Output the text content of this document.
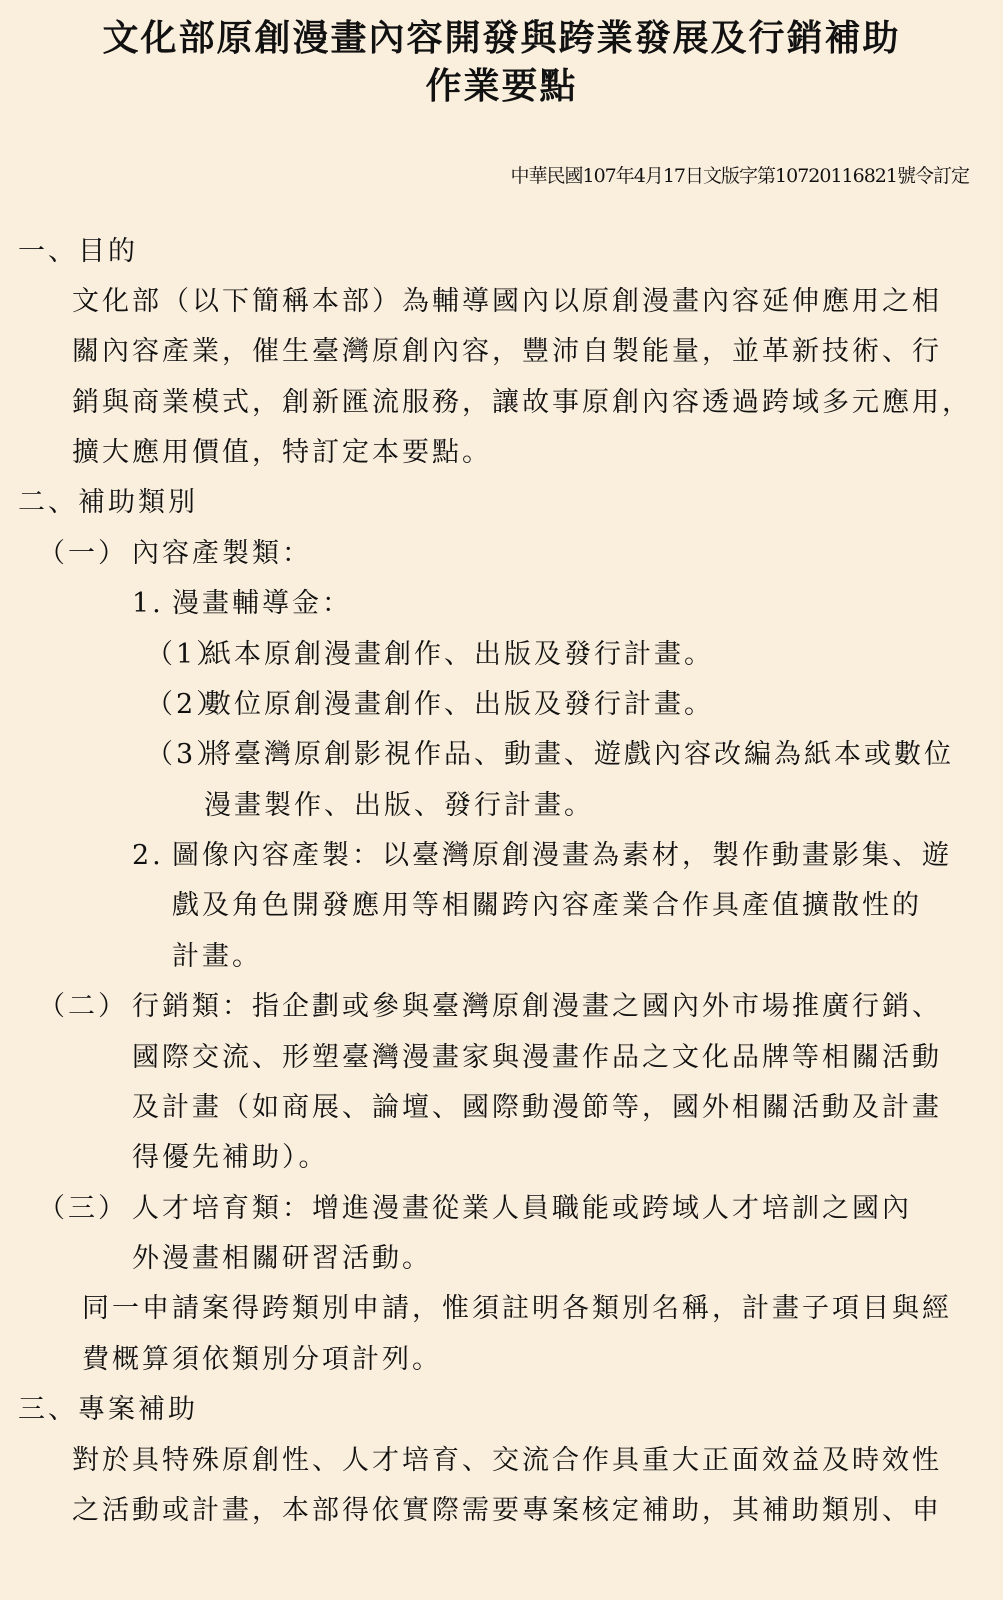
文化部原創漫畫內容開發與跨業發展及行銷補助
作業要點
中華民國107年4月17日文版字第10720116821號令訂定
一、目的
文化部（以下簡稱本部）為輔導國內以原創漫畫內容延伸應用之相
關內容產業，催生臺灣原創內容，豐沛自製能量，並革新技術、行
銷與商業模式，創新匯流服務，讓故事原創內容透過跨域多元應用，
擴大應用價值，特訂定本要點。
二、補助類別
（一） 內容產製類：
1. 漫畫輔導金：
（1）
紙本原創漫畫創作、出版及發行計畫。
（2）
數位原創漫畫創作、出版及發行計畫。
（3）
將臺灣原創影視作品、動畫、遊戲內容改編為紙本或數位
漫畫製作、出版、發行計畫。
2. 圖像內容產製：以臺灣原創漫畫為素材，製作動畫影集、遊
戲及角色開發應用等相關跨內容產業合作具產值擴散性的
計畫。
（二） 行銷類：指企劃或參與臺灣原創漫畫之國內外市場推廣行銷、
國際交流、形塑臺灣漫畫家與漫畫作品之文化品牌等相關活動
及計畫（如商展、論壇、國際動漫節等，國外相關活動及計畫
得優先補助）。
（三） 人才培育類：增進漫畫從業人員職能或跨域人才培訓之國內
外漫畫相關研習活動。
同一申請案得跨類別申請，惟須註明各類別名稱，計畫子項目與經
費概算須依類別分項計列。
三、專案補助
對於具特殊原創性、人才培育、交流合作具重大正面效益及時效性
之活動或計畫，本部得依實際需要專案核定補助，其補助類別、申
